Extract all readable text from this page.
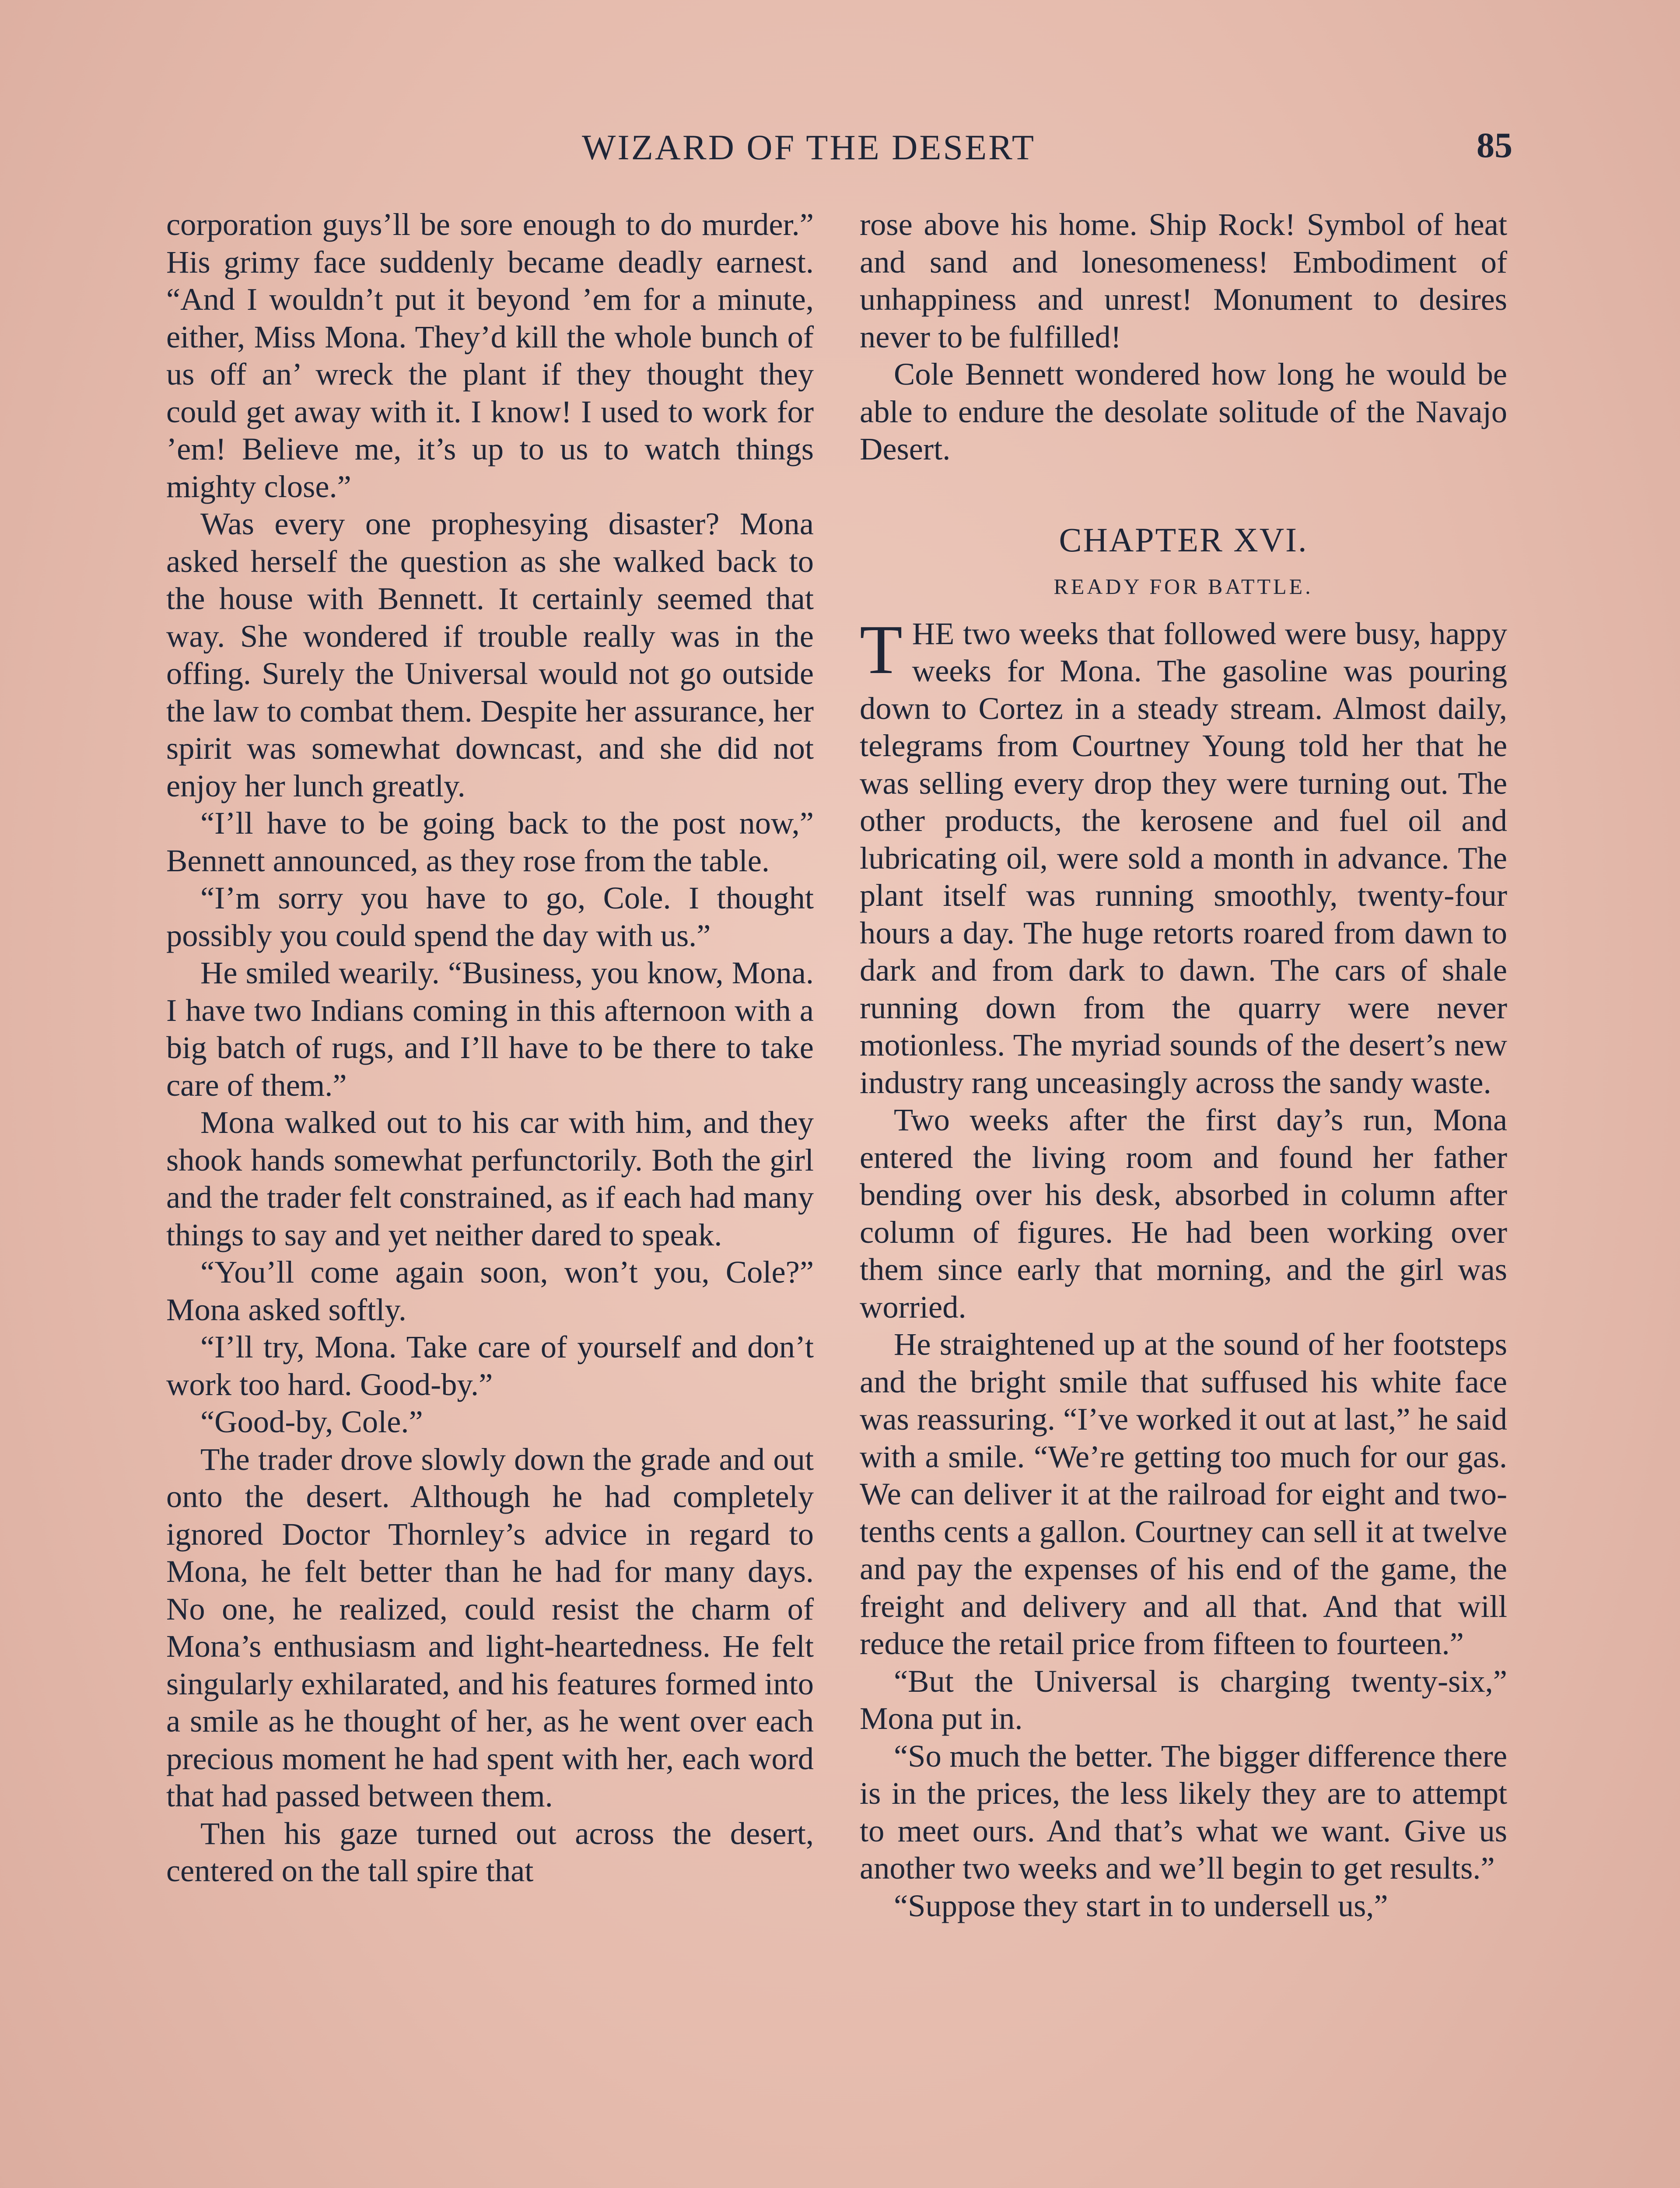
WIZARD OF THE DESERT	85

corporation guys’ll be sore enough to do murder.” His grimy face suddenly became deadly earnest. “And I wouldn’t put it beyond ’em for a minute, either, Miss Mona. They’d kill the whole bunch of us off an’ wreck the plant if they thought they could get away with it. I know! I used to work for ’em! Believe me, it’s up to us to watch things mighty close.”

Was every one prophesying disaster? Mona asked herself the question as she walked back to the house with Bennett. It certainly seemed that way. She wondered if trouble really was in the offing. Surely the Universal would not go outside the law to combat them. Despite her assurance, her spirit was somewhat downcast, and she did not enjoy her lunch greatly.

“I’ll have to be going back to the post now,” Bennett announced, as they rose from the table.

“I’m sorry you have to go, Cole. I thought possibly you could spend the day with us.”

He smiled wearily. “Business, you know, Mona. I have two Indians coming in this afternoon with a big batch of rugs, and I’ll have to be there to take care of them.”

Mona walked out to his car with him, and they shook hands somewhat perfunctorily. Both the girl and the trader felt constrained, as if each had many things to say and yet neither dared to speak.

“You’ll come again soon, won’t you, Cole?” Mona asked softly.

“I’ll try, Mona. Take care of yourself and don’t work too hard. Good-by.”

“Good-by, Cole.”

The trader drove slowly down the grade and out onto the desert. Although he had completely ignored Doctor Thornley’s advice in regard to Mona, he felt better than he had for many days. No one, he realized, could resist the charm of Mona’s enthusiasm and light-heartedness. He felt singularly exhilarated, and his features formed into a smile as he thought of her, as he went over each precious moment he had spent with her, each word that had passed between them.

Then his gaze turned out across the desert, centered on the tall spire that

rose above his home. Ship Rock! Symbol of heat and sand and lonesomeness! Embodiment of unhappiness and unrest! Monument to desires never to be fulfilled!

Cole Bennett wondered how long he would be able to endure the desolate solitude of the Navajo Desert.

CHAPTER XVI.
READY FOR BATTLE.

THE two weeks that followed were busy, happy weeks for Mona. The gasoline was pouring down to Cortez in a steady stream. Almost daily, telegrams from Courtney Young told her that he was selling every drop they were turning out. The other products, the kerosene and fuel oil and lubricating oil, were sold a month in advance. The plant itself was running smoothly, twenty-four hours a day. The huge retorts roared from dawn to dark and from dark to dawn. The cars of shale running down from the quarry were never motionless. The myriad sounds of the desert’s new industry rang unceasingly across the sandy waste.

Two weeks after the first day’s run, Mona entered the living room and found her father bending over his desk, absorbed in column after column of figures. He had been working over them since early that morning, and the girl was worried.

He straightened up at the sound of her footsteps and the bright smile that suffused his white face was reassuring. “I’ve worked it out at last,” he said with a smile. “We’re getting too much for our gas. We can deliver it at the railroad for eight and two-tenths cents a gallon. Courtney can sell it at twelve and pay the expenses of his end of the game, the freight and delivery and all that. And that will reduce the retail price from fifteen to fourteen.”

“But the Universal is charging twenty-six,” Mona put in.

“So much the better. The bigger difference there is in the prices, the less likely they are to attempt to meet ours. And that’s what we want. Give us another two weeks and we’ll begin to get results.”

“Suppose they start in to undersell us,”
